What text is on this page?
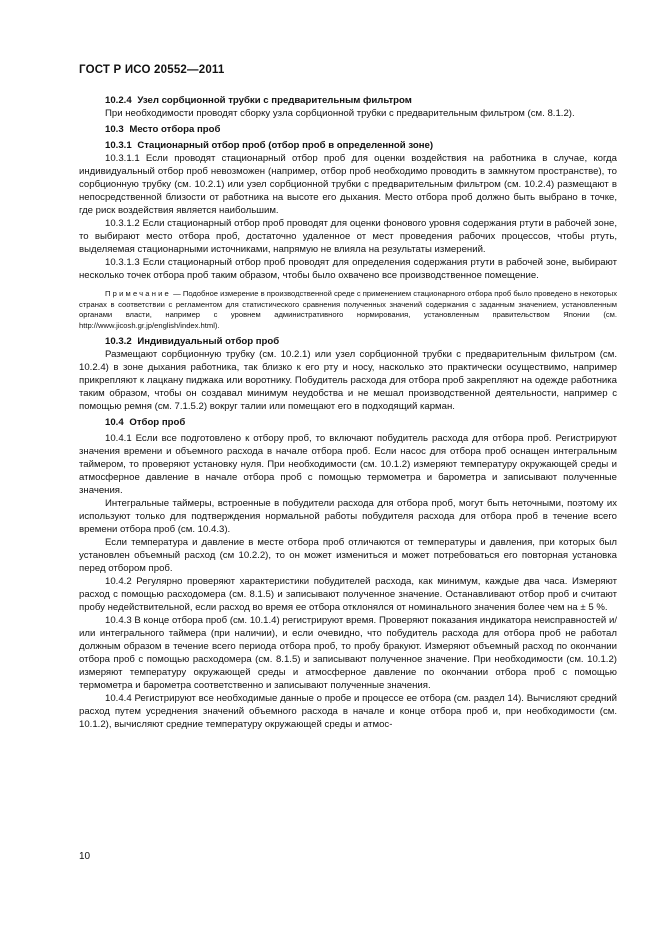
ГОСТ Р ИСО 20552—2011

10.2.4 Узел сорбционной трубки с предварительным фильтром

При необходимости проводят сборку узла сорбционной трубки с предварительным фильтром (см. 8.1.2).

10.3 Место отбора проб

10.3.1 Стационарный отбор проб (отбор проб в определенной зоне)

10.3.1.1 Если проводят стационарный отбор проб для оценки воздействия на работника в случае, когда индивидуальный отбор проб невозможен (например, отбор проб необходимо проводить в замкнутом пространстве), то сорбционную трубку (см. 10.2.1) или узел сорбционной трубки с предварительным фильтром (см. 10.2.4) размещают в непосредственной близости от работника на высоте его дыхания. Место отбора проб должно быть выбрано в точке, где риск воздействия является наибольшим.

10.3.1.2 Если стационарный отбор проб проводят для оценки фонового уровня содержания ртути в рабочей зоне, то выбирают место отбора проб, достаточно удаленное от мест проведения рабочих процессов, чтобы ртуть, выделяемая стационарными источниками, напрямую не влияла на результаты измерений.

10.3.1.3 Если стационарный отбор проб проводят для определения содержания ртути в рабочей зоне, выбирают несколько точек отбора проб таким образом, чтобы было охвачено все производственное помещение.

Примечание — Подобное измерение в производственной среде с применением стационарного отбора проб было проведено в некоторых странах в соответствии с регламентом для статистического сравнения полученных значений содержания с заданным значением, установленным органами власти, например с уровнем административного нормирования, установленным правительством Японии (см. http://www.jicosh.gr.jp/english/index.html).

10.3.2 Индивидуальный отбор проб

Размещают сорбционную трубку (см. 10.2.1) или узел сорбционной трубки с предварительным фильтром (см. 10.2.4) в зоне дыхания работника, так близко к его рту и носу, насколько это практически осуществимо, например прикрепляют к лацкану пиджака или воротнику. Побудитель расхода для отбора проб закрепляют на одежде работника таким образом, чтобы он создавал минимум неудобства и не мешал производственной деятельности, например с помощью ремня (см. 7.1.5.2) вокруг талии или помещают его в подходящий карман.

10.4 Отбор проб

10.4.1 Если все подготовлено к отбору проб, то включают побудитель расхода для отбора проб. Регистрируют значения времени и объемного расхода в начале отбора проб. Если насос для отбора проб оснащен интегральным таймером, то проверяют установку нуля. При необходимости (см. 10.1.2) измеряют температуру окружающей среды и атмосферное давление в начале отбора проб с помощью термометра и барометра и записывают полученные значения.

Интегральные таймеры, встроенные в побудители расхода для отбора проб, могут быть неточными, поэтому их используют только для подтверждения нормальной работы побудителя расхода для отбора проб в течение всего времени отбора проб (см. 10.4.3).

Если температура и давление в месте отбора проб отличаются от температуры и давления, при которых был установлен объемный расход (см 10.2.2), то он может измениться и может потребоваться его повторная установка перед отбором проб.

10.4.2 Регулярно проверяют характеристики побудителей расхода, как минимум, каждые два часа. Измеряют расход с помощью расходомера (см. 8.1.5) и записывают полученное значение. Останавливают отбор проб и считают пробу недействительной, если расход во время ее отбора отклонялся от номинального значения более чем на ± 5 %.

10.4.3 В конце отбора проб (см. 10.1.4) регистрируют время. Проверяют показания индикатора неисправностей и/или интегрального таймера (при наличии), и если очевидно, что побудитель расхода для отбора проб не работал должным образом в течение всего периода отбора проб, то пробу бракуют. Измеряют объемный расход по окончании отбора проб с помощью расходомера (см. 8.1.5) и записывают полученное значение. При необходимости (см. 10.1.2) измеряют температуру окружающей среды и атмосферное давление по окончании отбора проб с помощью термометра и барометра соответственно и записывают полученные значения.

10.4.4 Регистрируют все необходимые данные о пробе и процессе ее отбора (см. раздел 14). Вычисляют средний расход путем усреднения значений объемного расхода в начале и конце отбора проб и, при необходимости (см. 10.1.2), вычисляют средние температуру окружающей среды и атмос-

10
